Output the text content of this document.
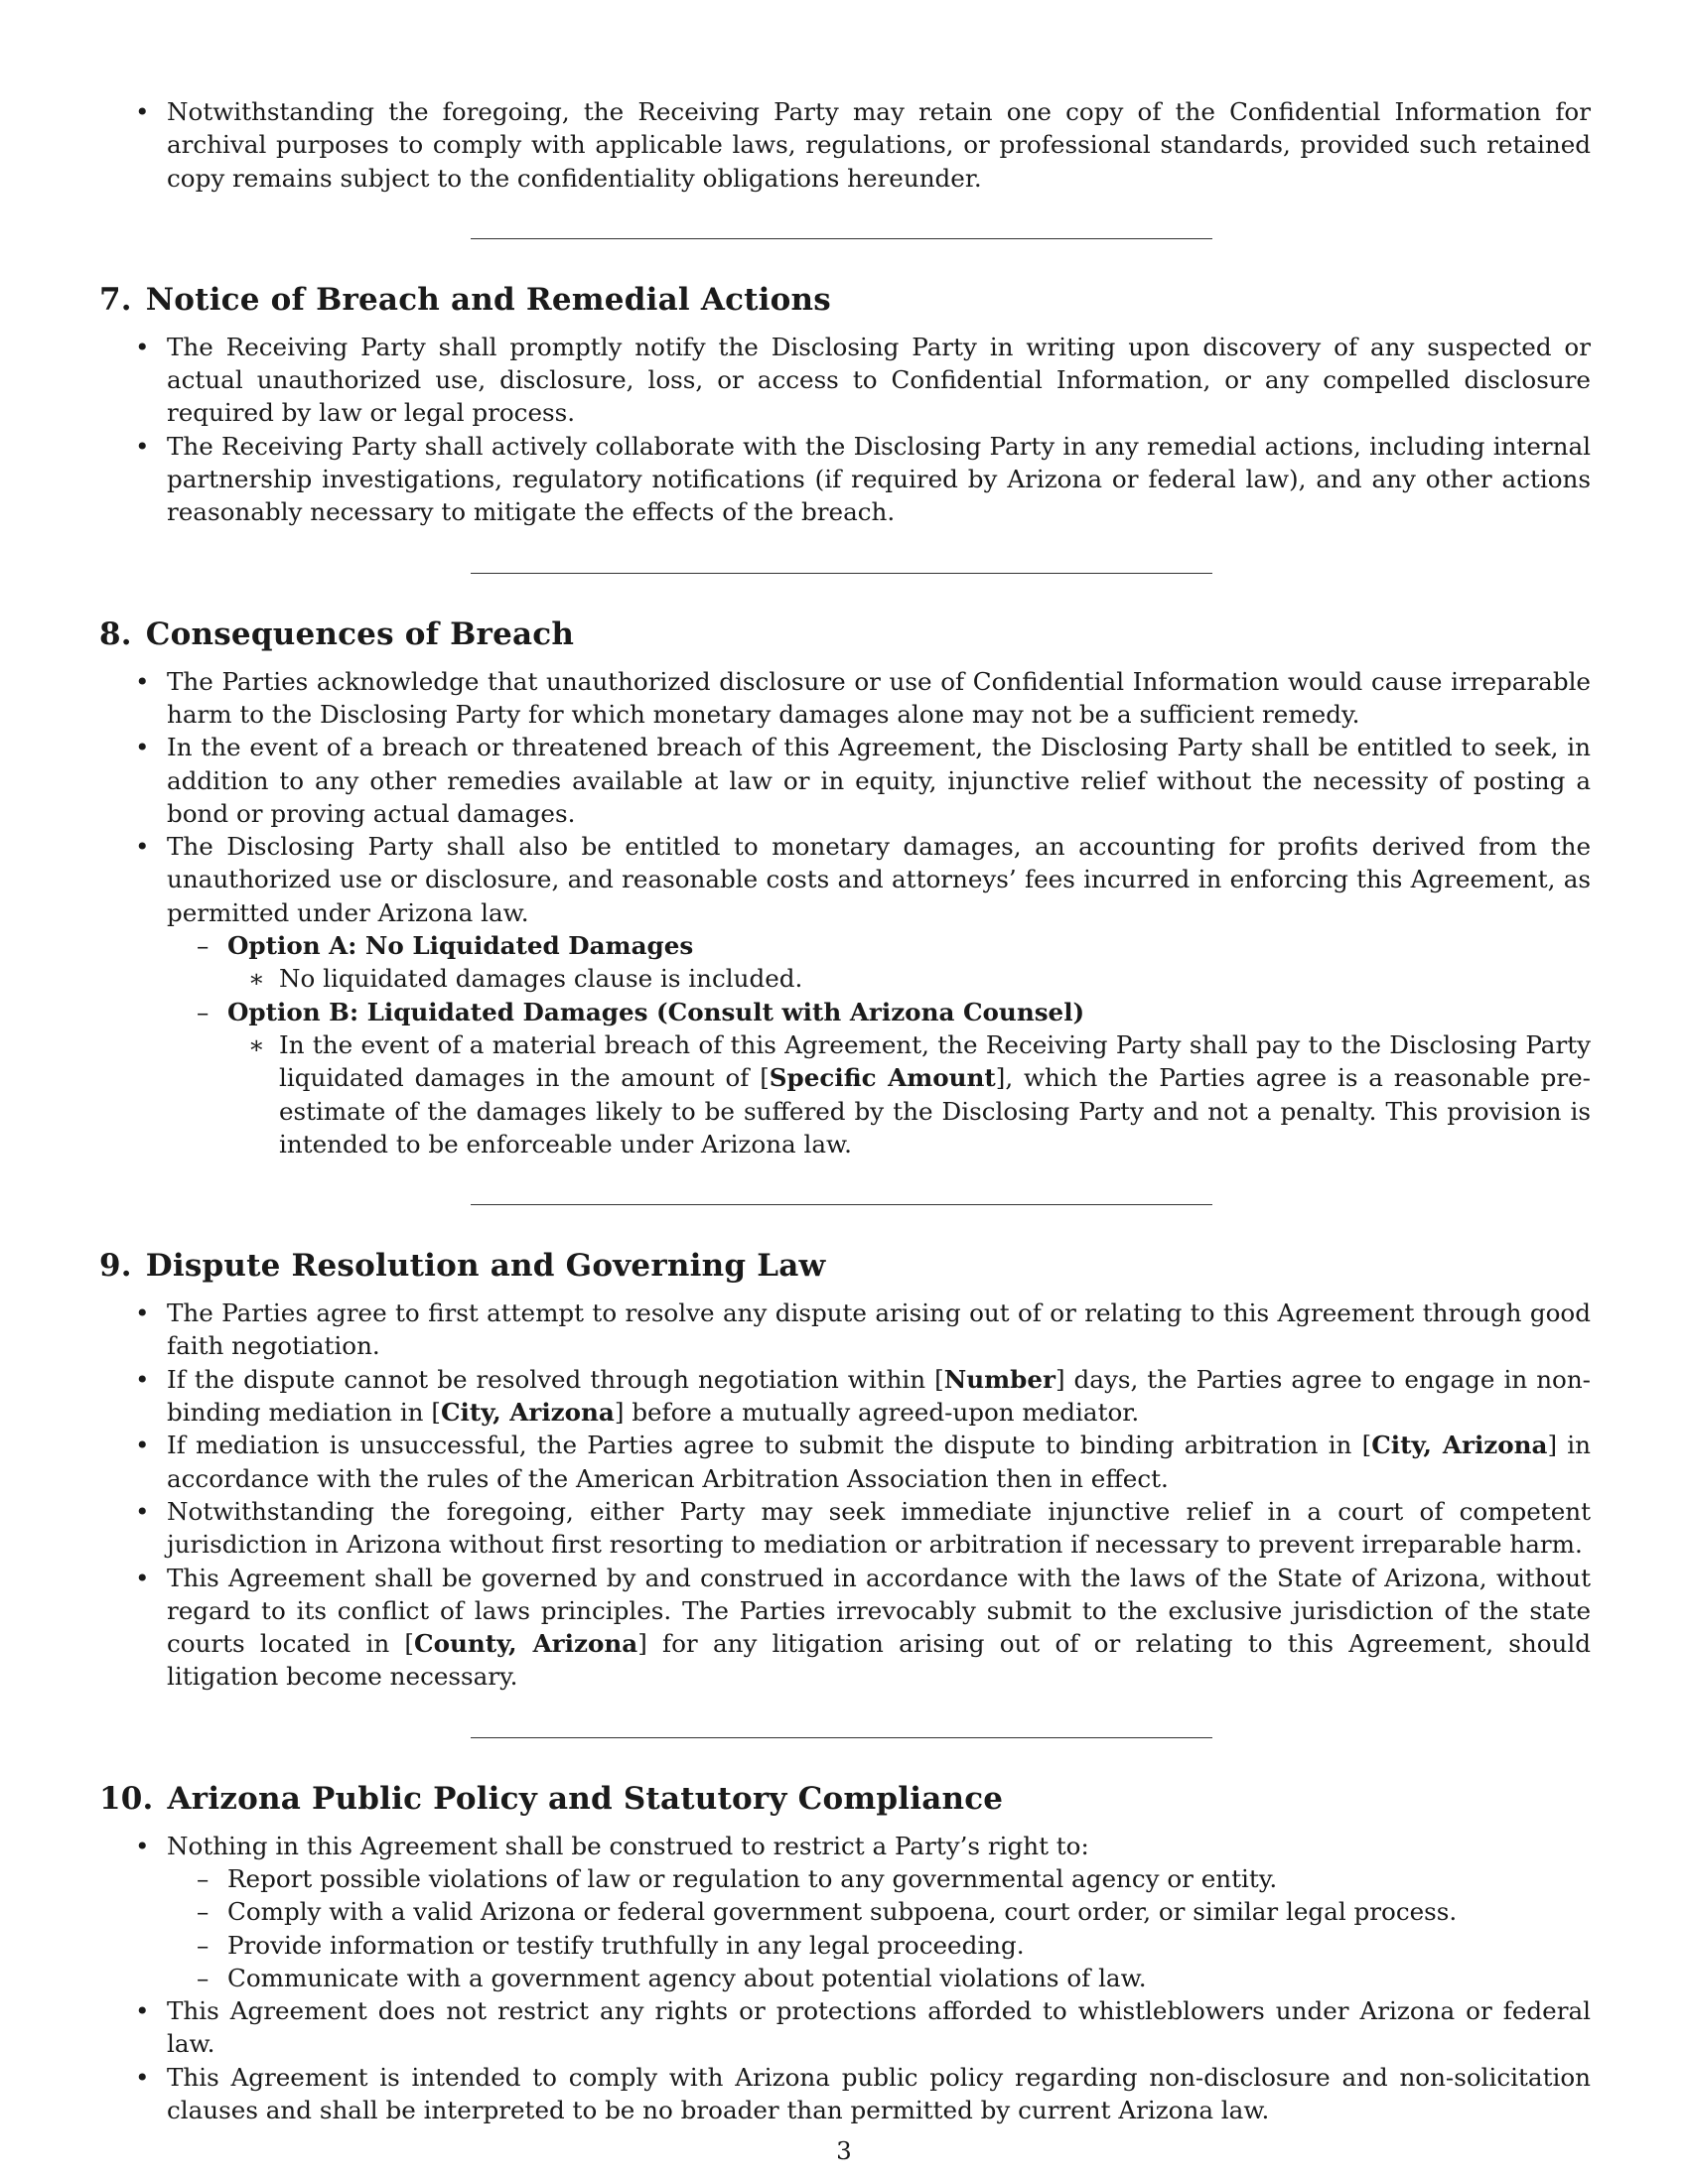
• Notwithstanding the foregoing, the Receiving Party may retain one copy of the Confidential Information for archival purposes to comply with applicable laws, regulations, or professional standards, provided such retained copy remains subject to the confidentiality obligations hereunder.
7. Notice of Breach and Remedial Actions
• The Receiving Party shall promptly notify the Disclosing Party in writing upon discovery of any suspected or actual unauthorized use, disclosure, loss, or access to Confidential Information, or any compelled disclosure required by law or legal process.
• The Receiving Party shall actively collaborate with the Disclosing Party in any remedial actions, including internal partnership investigations, regulatory notifications (if required by Arizona or federal law), and any other actions reasonably necessary to mitigate the effects of the breach.
8. Consequences of Breach
• The Parties acknowledge that unauthorized disclosure or use of Confidential Information would cause irreparable harm to the Disclosing Party for which monetary damages alone may not be a sufficient remedy.
• In the event of a breach or threatened breach of this Agreement, the Disclosing Party shall be entitled to seek, in addition to any other remedies available at law or in equity, injunctive relief without the necessity of posting a bond or proving actual damages.
• The Disclosing Party shall also be entitled to monetary damages, an accounting for profits derived from the unauthorized use or disclosure, and reasonable costs and attorneys’ fees incurred in enforcing this Agreement, as permitted under Arizona law.
– Option A: No Liquidated Damages
∗ No liquidated damages clause is included.
– Option B: Liquidated Damages (Consult with Arizona Counsel)
∗ In the event of a material breach of this Agreement, the Receiving Party shall pay to the Disclosing Party liquidated damages in the amount of [Specific Amount], which the Parties agree is a reasonable pre-estimate of the damages likely to be suffered by the Disclosing Party and not a penalty. This provision is intended to be enforceable under Arizona law.
9. Dispute Resolution and Governing Law
• The Parties agree to first attempt to resolve any dispute arising out of or relating to this Agreement through good faith negotiation.
• If the dispute cannot be resolved through negotiation within [Number] days, the Parties agree to engage in non-binding mediation in [City, Arizona] before a mutually agreed-upon mediator.
• If mediation is unsuccessful, the Parties agree to submit the dispute to binding arbitration in [City, Arizona] in accordance with the rules of the American Arbitration Association then in effect.
• Notwithstanding the foregoing, either Party may seek immediate injunctive relief in a court of competent jurisdiction in Arizona without first resorting to mediation or arbitration if necessary to prevent irreparable harm.
• This Agreement shall be governed by and construed in accordance with the laws of the State of Arizona, without regard to its conflict of laws principles. The Parties irrevocably submit to the exclusive jurisdiction of the state courts located in [County, Arizona] for any litigation arising out of or relating to this Agreement, should litigation become necessary.
10. Arizona Public Policy and Statutory Compliance
• Nothing in this Agreement shall be construed to restrict a Party’s right to:
– Report possible violations of law or regulation to any governmental agency or entity.
– Comply with a valid Arizona or federal government subpoena, court order, or similar legal process.
– Provide information or testify truthfully in any legal proceeding.
– Communicate with a government agency about potential violations of law.
• This Agreement does not restrict any rights or protections afforded to whistleblowers under Arizona or federal law.
• This Agreement is intended to comply with Arizona public policy regarding non-disclosure and non-solicitation clauses and shall be interpreted to be no broader than permitted by current Arizona law.
3
